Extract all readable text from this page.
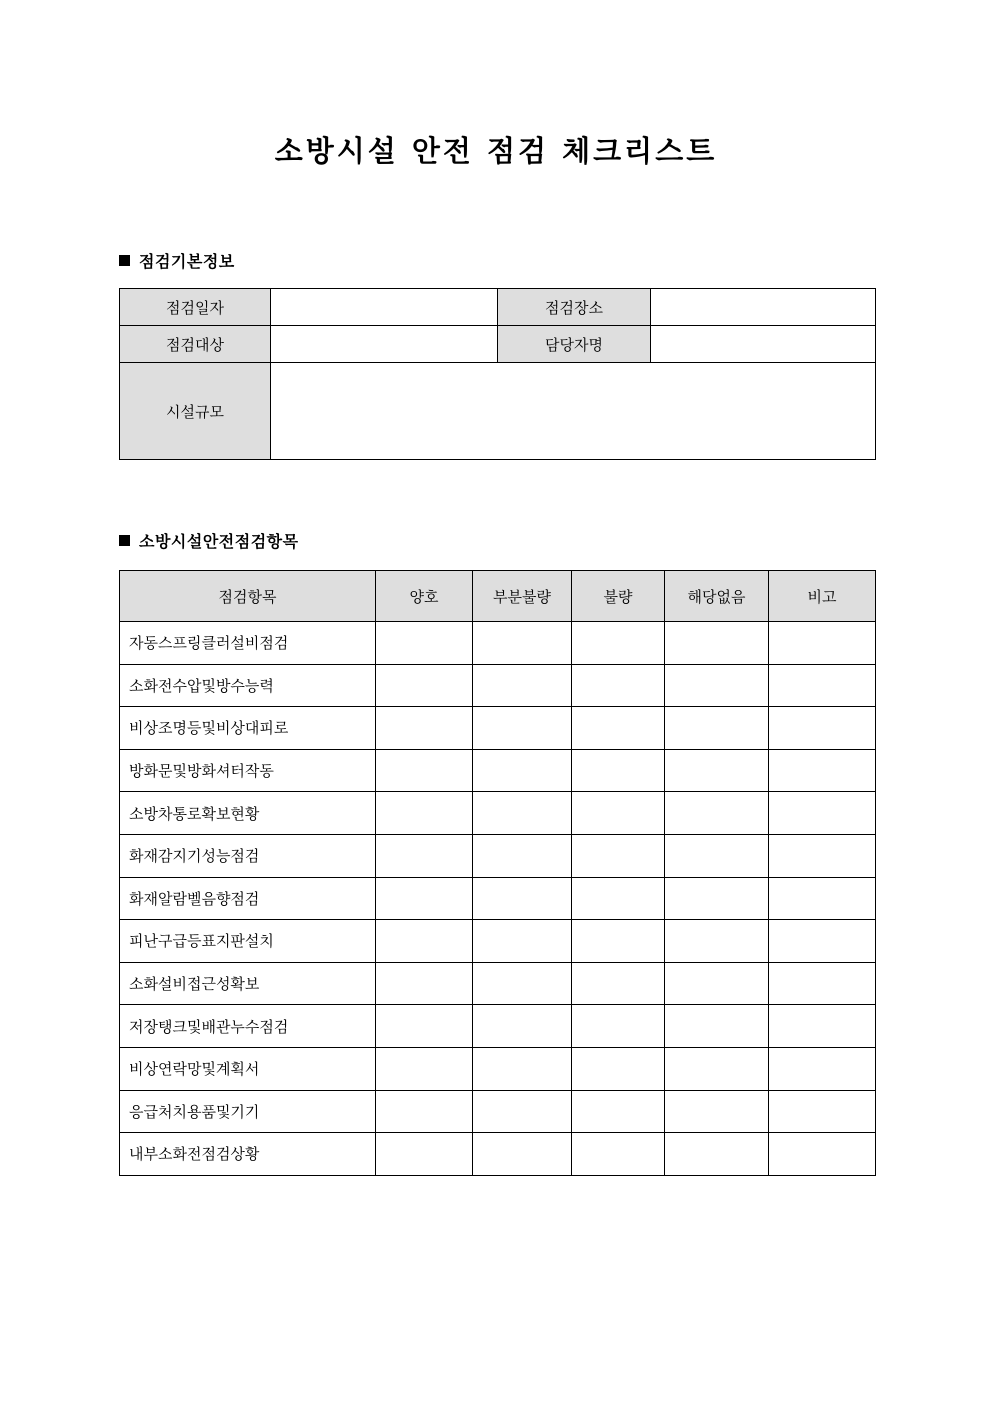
소방시설 안전 점검 체크리스트
점검기본정보
점검일자		점검장소	
점검대상		담당자명	
시설규모			
소방시설안전점검항목
점검항목	양호	부분불량	불량	해당없음	비고
자동스프링클러설비점검					
소화전수압및방수능력					
비상조명등및비상대피로					
방화문및방화셔터작동					
소방차통로확보현황					
화재감지기성능점검					
화재알람벨음향점검					
피난구급등표지판설치					
소화설비접근성확보					
저장탱크및배관누수점검					
비상연락망및계획서					
응급처치용품및기기					
내부소화전점검상황					
